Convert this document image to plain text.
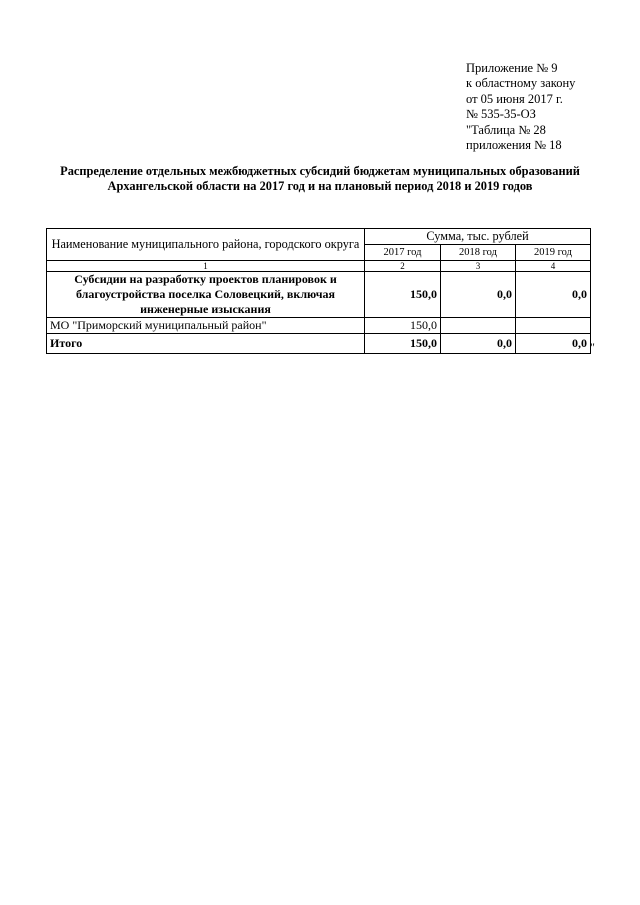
Приложение № 9
к областному закону
от 05 июня 2017 г.
№ 535-35-ОЗ
"Таблица № 28
приложения № 18
Распределение отдельных межбюджетных субсидий бюджетам муниципальных образований
Архангельской области на 2017 год и на плановый период 2018 и 2019 годов
Наименование муниципального района, городского округа	Сумма, тыс. рублей		
	2017 год	2018 год	2019 год
1	2	3	4
Субсидии на разработку проектов планировок и благоустройства поселка Соловецкий, включая инженерные изыскания	150,0	0,0	0,0
МО "Приморский муниципальный район"	150,0		
Итого	150,0	0,0	0,0 "
